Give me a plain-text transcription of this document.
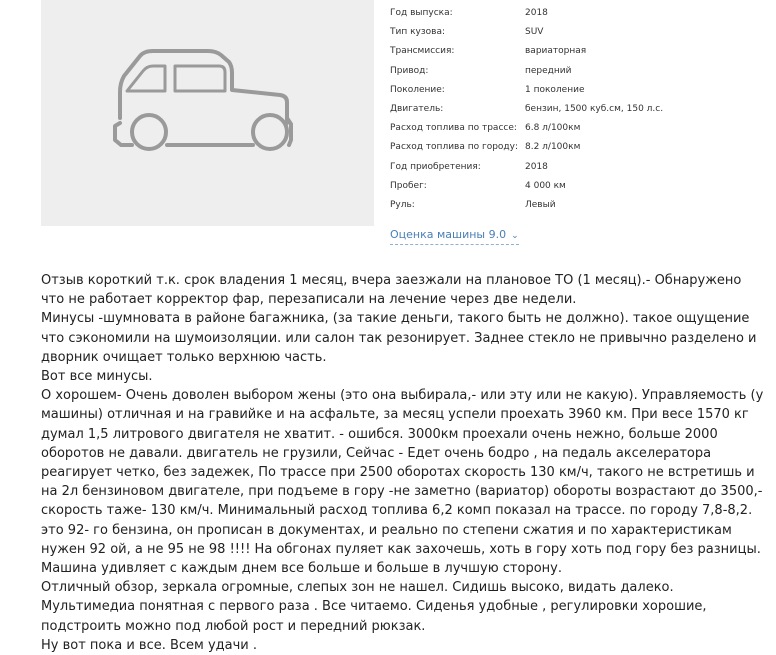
Год выпуска:	2018
Тип кузова:	SUV
Трансмиссия:	вариаторная
Привод:	передний
Поколение:	1 поколение
Двигатель:	бензин, 1500 куб.см, 150 л.с.
Расход топлива по трассе: 6.8 л/100км
Расход топлива по городу: 8.2 л/100км
Год приобретения:	2018
Пробег:	4 000 км
Руль:	Левый
Оценка машины 9.0 ⌄

Отзыв короткий т.к. срок владения 1 месяц, вчера заезжали на плановое ТО (1 месяц).- Обнаружено что не работает корректор фар, перезаписали на лечение через две недели.

Минусы -шумновата в районе багажника, (за такие деньги, такого быть не должно). такое ощущение что сэкономили на шумоизоляции. или салон так резонирует. Заднее стекло не привычно разделено и дворник очищает только верхнюю часть.

Вот все минусы.

О хорошем- Очень доволен выбором жены (это она выбирала,- или эту или не какую). Управляемость (у машины) отличная и на гравийке и на асфальте, за месяц успели проехать 3960 км. При весе 1570 кг думал 1,5 литрового двигателя не хватит. - ошибся. 3000км проехали очень нежно, больше 2000 оборотов не давали. двигатель не грузили, Сейчас - Едет очень бодро , на педаль акселератора реагирует четко, без задежек, По трассе при 2500 оборотах скорость 130 км/ч, такого не встретишь и на 2л бензиновом двигателе, при подъеме в гору -не заметно (вариатор) обороты возрастают до 3500,- скорость таже- 130 км/ч. Минимальный расход топлива 6,2 комп показал на трассе. по городу 7,8-8,2. это 92- го бензина, он прописан в документах, и реально по степени сжатия и по характеристикам нужен 92 ой, а не 95 не 98 !!!! На обгонах пуляет как захочешь, хоть в гору хоть под гору без разницы. Машина удивляет с каждым днем все больше и больше в лучшую сторону.

Отличный обзор, зеркала огромные, слепых зон не нашел. Сидишь высоко, видать далеко. Мультимедиа понятная с первого раза . Все читаемо. Сиденья удобные , регулировки хорошие, подстроить можно под любой рост и передний рюкзак.

Ну вот пока и все. Всем удачи .
